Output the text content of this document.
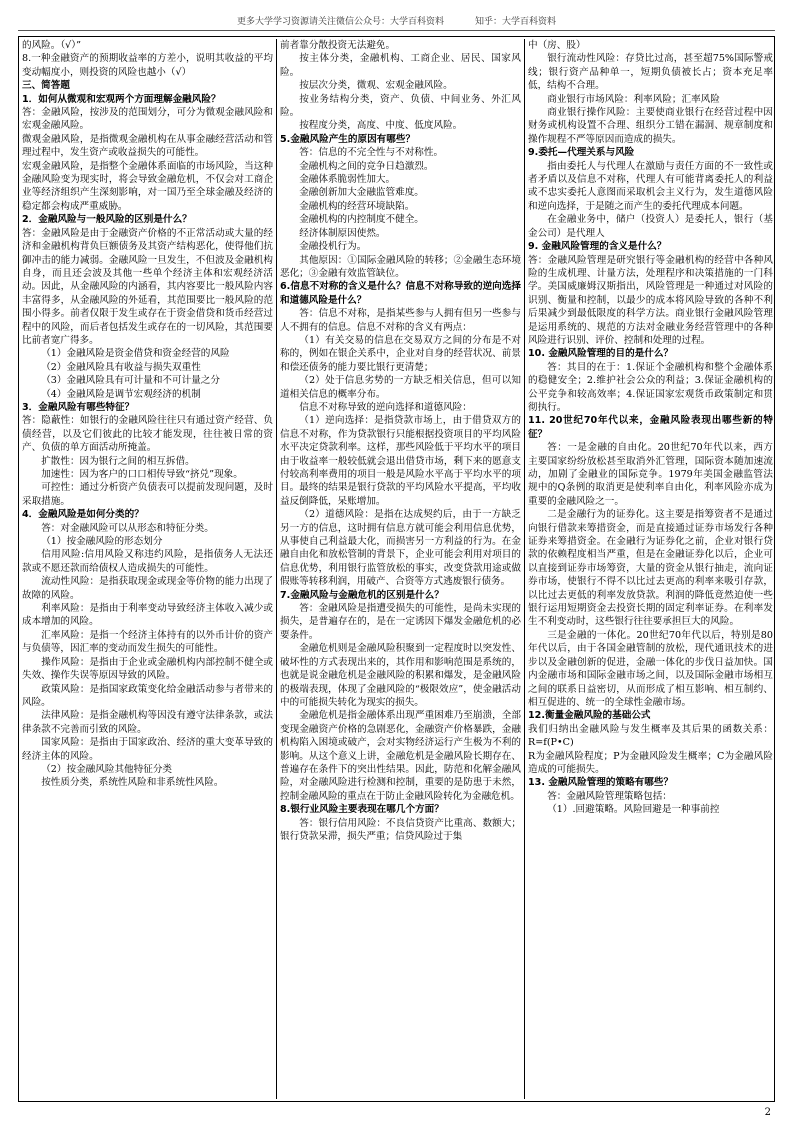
更多大学学习资源请关注微信公众号：大学百科资料	知乎：大学百科资料

的风险。（√）”

8.一种金融资产的预期收益率的方差小，说明其收益的平均变动幅度小，则投资的风险也越小（√）

三、简答题

1．如何从微观和宏观两个方面理解金融风险？

答：金融风险，按涉及的范围划分，可分为微观金融风险和宏观金融风险。

微观金融风险，是指微观金融机构在从事金融经营活动和管理过程中，发生资产或收益损失的可能性。

宏观金融风险，是指整个金融体系面临的市场风险，当这种金融风险变为现实时，将会导致金融危机，不仅会对工商企业等经济组织产生深刻影响，对一国乃至全球金融及经济的稳定都会构成严重威胁。

2．金融风险与一般风险的区别是什么？

答：金融风险是由于金融资产价格的不正常活动或大量的经济和金融机构背负巨额债务及其资产结构恶化，使得他们抗御冲击的能力减弱。金融风险一旦发生，不但波及金融机构自身，而且还会波及其他一些单个经济主体和宏观经济活动。因此，从金融风险的内涵看，其内容要比一般风险内容丰富得多，从金融风险的外延看，其范围要比一般风险的范围小得多。前者仅限于发生或存在于资金借贷和货币经营过程中的风险，而后者包括发生或存在的一切风险，其范围要比前者宽广得多。

（1）金融风险是资金借贷和资金经营的风险

（2）金融风险具有收益与损失双重性

（3）金融风险具有可计量和不可计量之分

（4）金融风险是调节宏观经济的机制

3．金融风险有哪些特征？

答：隐蔽性：如银行的金融风险往往只有通过资产经营、负债经营，以及它们彼此的比较才能发现，往往被日常的资产、负债的单方面活动所掩盖。

扩散性：因为银行之间的相互拆借。

加速性：因为客户的口口相传导致“挤兑”现象。

可控性：通过分析资产负债表可以提前发现问题，及时采取措施。

4．金融风险是如何分类的？

答：对金融风险可以从形态和特征分类。

（1）按金融风险的形态划分

信用风险:信用风险又称违约风险，是指债务人无法还款或不愿还款而给债权人造成损失的可能性。

流动性风险：是指获取现金或现金等价物的能力出现了故障的风险。

利率风险：是指由于利率变动导致经济主体收入减少或成本增加的风险。

汇率风险：是指一个经济主体持有的以外币计价的资产与负债等，因汇率的变动而发生损失的可能性。

操作风险：是指由于企业或金融机构内部控制不健全或失效、操作失误等原因导致的风险。

政策风险：是指国家政策变化给金融活动参与者带来的风险。

法律风险：是指金融机构等因没有遵守法律条款，或法律条款不完善而引致的风险。

国家风险：是指由于国家政治、经济的重大变革导致的经济主体的风险。

（2）按金融风险其他特征分类

按性质分类，系统性风险和非系统性风险。

前者靠分散投资无法避免。

按主体分类，金融机构、工商企业、居民、国家风险。

按层次分类，微观、宏观金融风险。

按业务结构分类，资产、负债、中间业务、外汇风险。

按程度分类，高度、中度、低度风险。

5.金融风险产生的原因有哪些？

答：信息的不完全性与不对称性。

金融机构之间的竞争日趋激烈。

金融体系脆弱性加大。

金融创新加大金融监管难度。

金融机构的经营环境缺陷。

金融机构的内控制度不健全。

经济体制原因使然。

金融投机行为。

其他原因：①国际金融风险的转移；②金融生态环境恶化；③金融有效监管缺位。

6.信息不对称的含义是什么？信息不对称导致的逆向选择和道德风险是什么？

答：信息不对称，是指某些参与人拥有但另一些参与人不拥有的信息。信息不对称的含义有两点：

（1）有关交易的信息在交易双方之间的分布是不对称的，例如在银企关系中，企业对自身的经营状况、前景和偿还债务的能力要比银行更清楚；

（2）处于信息劣势的一方缺乏相关信息，但可以知道相关信息的概率分布。

信息不对称导致的逆向选择和道德风险：

（1）逆向选择：是指贷款市场上，由于借贷双方的信息不对称，作为贷款银行只能根据投资项目的平均风险水平决定贷款利率。这样，那些风险低于平均水平的项目由于收益率一般较低就会退出借贷市场，剩下来的愿意支付较高利率费用的项目一般是风险水平高于平均水平的项目。最终的结果是银行贷款的平均风险水平提高，平均收益反倒降低，呆账增加。

（2）道德风险：是指在达成契约后，由于一方缺乏另一方的信息，这时拥有信息方就可能会利用信息优势，从事使自己利益最大化，而损害另一方利益的行为。在金融自由化和放松管制的背景下，企业可能会利用对项目的信息优势，利用银行监管放松的事实，改变贷款用途或做假账等转移利润，用破产、合资等方式逃废银行债务。

7.金融风险与金融危机的区别是什么？

答：金融风险是指遭受损失的可能性，是尚未实现的损失，是普遍存在的，是在一定诱因下爆发金融危机的必要条件。

金融危机则是金融风险积聚到一定程度时以突发性、破坏性的方式表现出来的，其作用和影响范围是系统的，也就是说金融危机是金融风险的积累和爆发，是金融风险的极端表现，体现了金融风险的“极限效应”，使金融活动中的可能损失转化为现实的损失。

金融危机是指金融体系出现严重困难乃至崩溃，全部变现金融资产价格的急剧恶化，金融资产价格暴跌，金融机构陷入困境或破产，会对实物经济运行产生极为不利的影响。从这个意义上讲，金融危机是金融风险长期存在、普遍存在条件下的突出性结果。因此，防范和化解金融风险，对金融风险进行检测和控制，重要的是防患于未然，控制金融风险的重点在于防止金融风险转化为金融危机。

8.银行业风险主要表现在哪几个方面？

答：银行信用风险：不良信贷资产比重高、数额大；银行贷款呆滞，损失严重；信贷风险过于集

中（房、股）

银行流动性风险：存贷比过高，甚至超75%国际警戒线；银行资产品种单一，短期负债被长占；资本充足率低，结构不合理。

商业银行市场风险：利率风险；汇率风险

商业银行操作风险：主要使商业银行在经营过程中因财务或机构设置不合理、组织分工错在漏洞、规章制度和操作规程不严等原因而造成的损失。

9.委托—代理关系与风险

指由委托人与代理人在激励与责任方面的不一致性或者矛盾以及信息不对称，代理人有可能背离委托人的利益或不忠实委托人意图而采取机会主义行为，发生道德风险和逆向选择，于是随之而产生的委托代理成本问题。

在金融业务中，储户（投资人）是委托人，银行（基金公司）是代理人

9. 金融风险管理的含义是什么？

答：金融风险管理是研究银行等金融机构的经营中各种风险的生成机理、计量方法，处理程序和决策措施的一门科学。美国威廉姆汉斯指出，风险管理是一种通过对风险的识别、衡量和控制，以最少的成本将风险导致的各种不利后果减少到最低限度的科学方法。商业银行金融风险管理是运用系统的、规范的方法对金融业务经营管理中的各种风险进行识别、评价、控制和处理的过程。

10. 金融风险管理的目的是什么？

答：其目的在于：1.保证个金融机构和整个金融体系的稳健安全；2.维护社会公众的利益；3.保证金融机构的公平竞争和较高效率；4.保证国家宏观货币政策制定和贯彻执行。

11. 20世纪70年代以来，金融风险表现出哪些新的特征？

答：一是金融的自由化。20世纪70年代以来，西方主要国家纷纷放松甚至取消外汇管理，国际资本随加速流动，加剧了金融业的国际竞争。1979年美国金融监管法规中的Q条例的取消更是使利率自由化，利率风险亦成为重要的金融风险之一。

二是金融行为的证券化。这主要是指筹资者不是通过向银行借款来筹措资金，而是直接通过证券市场发行各种证券来筹措资金。在金融行为证券化之前，企业对银行贷款的依赖程度相当严重，但是在金融证券化以后，企业可以直接到证券市场筹资，大量的资金从银行抽走，流向证券市场，使银行不得不以比过去更高的利率来吸引存款，以比过去更低的利率发放贷款。利润的降低竟然迫使一些银行运用短期资金去投资长期的固定利率证券。在利率发生不利变动时，这些银行往往要承担巨大的风险。

三是金融的一体化。20世纪70年代以后，特别是80年代以后，由于各国金融管制的放松，现代通讯技术的进步以及金融创新的促进，金融一体化的步伐日益加快。国内金融市场和国际金融市场之间，以及国际金融市场相互之间的联系日益密切，从而形成了相互影响、相互制约、相互促进的、统一的全球性金融市场。

12.衡量金融风险的基础公式

我们归纳出金融风险与发生概率及其后果的函数关系：R=f(P•C)

R为金融风险程度；P为金融风险发生概率；C为金融风险造成的可能损失。

13. 金融风险管理的策略有哪些？

答：金融风险管理策略包括：

（1）.回避策略。风险回避是一种事前控

2
